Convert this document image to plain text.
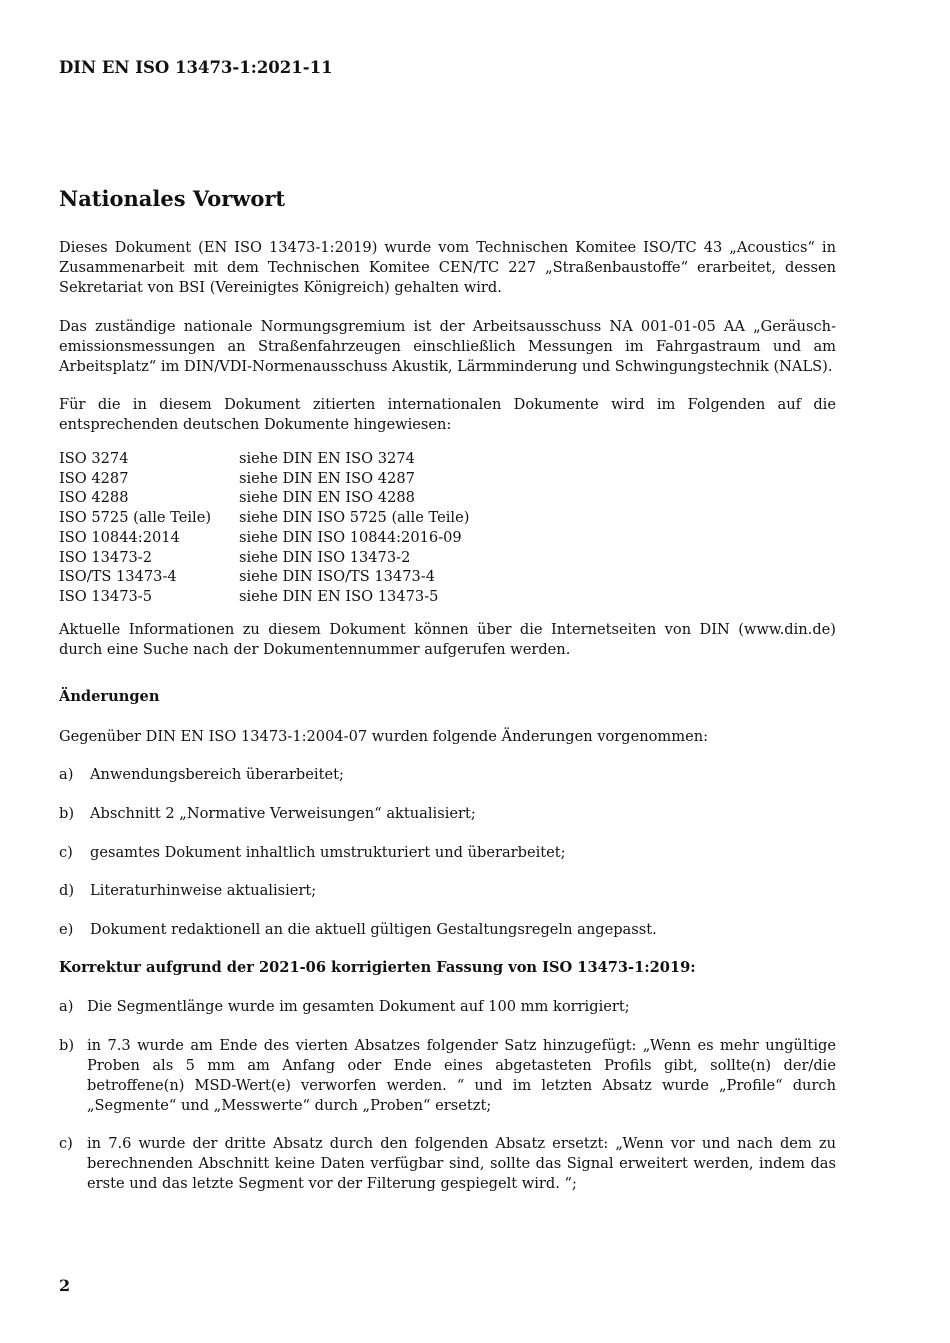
DIN EN ISO 13473-1:2021-11
Nationales Vorwort
Dieses Dokument (EN ISO 13473-1:2019) wurde vom Technischen Komitee ISO/TC 43 „Acoustics“ in Zusammenarbeit mit dem Technischen Komitee CEN/TC 227 „Straßenbaustoffe“ erarbeitet, dessen Sekretariat von BSI (Vereinigtes Königreich) gehalten wird.
Das zuständige nationale Normungsgremium ist der Arbeitsausschuss NA 001-01-05 AA „Geräusch-emissionsmessungen an Straßenfahrzeugen einschließlich Messungen im Fahrgastraum und am Arbeitsplatz“ im DIN/VDI-Normenausschuss Akustik, Lärmminderung und Schwingungstechnik (NALS).
Für die in diesem Dokument zitierten internationalen Dokumente wird im Folgenden auf die entsprechenden deutschen Dokumente hingewiesen:
ISO 3274	siehe DIN EN ISO 3274
ISO 4287	siehe DIN EN ISO 4287
ISO 4288	siehe DIN EN ISO 4288
ISO 5725 (alle Teile)	siehe DIN ISO 5725 (alle Teile)
ISO 10844:2014	siehe DIN ISO 10844:2016-09
ISO 13473-2	siehe DIN ISO 13473-2
ISO/TS 13473-4	siehe DIN ISO/TS 13473-4
ISO 13473-5	siehe DIN EN ISO 13473-5
Aktuelle Informationen zu diesem Dokument können über die Internetseiten von DIN (www.din.de) durch eine Suche nach der Dokumentennummer aufgerufen werden.
Änderungen
Gegenüber DIN EN ISO 13473-1:2004-07 wurden folgende Änderungen vorgenommen:
a)	Anwendungsbereich überarbeitet;
b)	Abschnitt 2 „Normative Verweisungen“ aktualisiert;
c)	gesamtes Dokument inhaltlich umstrukturiert und überarbeitet;
d)	Literaturhinweise aktualisiert;
e)	Dokument redaktionell an die aktuell gültigen Gestaltungsregeln angepasst.
Korrektur aufgrund der 2021-06 korrigierten Fassung von ISO 13473-1:2019:
a) Die Segmentlänge wurde im gesamten Dokument auf 100 mm korrigiert;
b) in 7.3 wurde am Ende des vierten Absatzes folgender Satz hinzugefügt: „Wenn es mehr ungültige Proben als 5 mm am Anfang oder Ende eines abgetasteten Profils gibt, sollte(n) der/die betroffene(n) MSD-Wert(e) verworfen werden. “ und im letzten Absatz wurde „Profile“ durch „Segmente“ und „Messwerte“ durch „Proben“ ersetzt;
c) in 7.6 wurde der dritte Absatz durch den folgenden Absatz ersetzt: „Wenn vor und nach dem zu berechnenden Abschnitt keine Daten verfügbar sind, sollte das Signal erweitert werden, indem das erste und das letzte Segment vor der Filterung gespiegelt wird. “;
2
